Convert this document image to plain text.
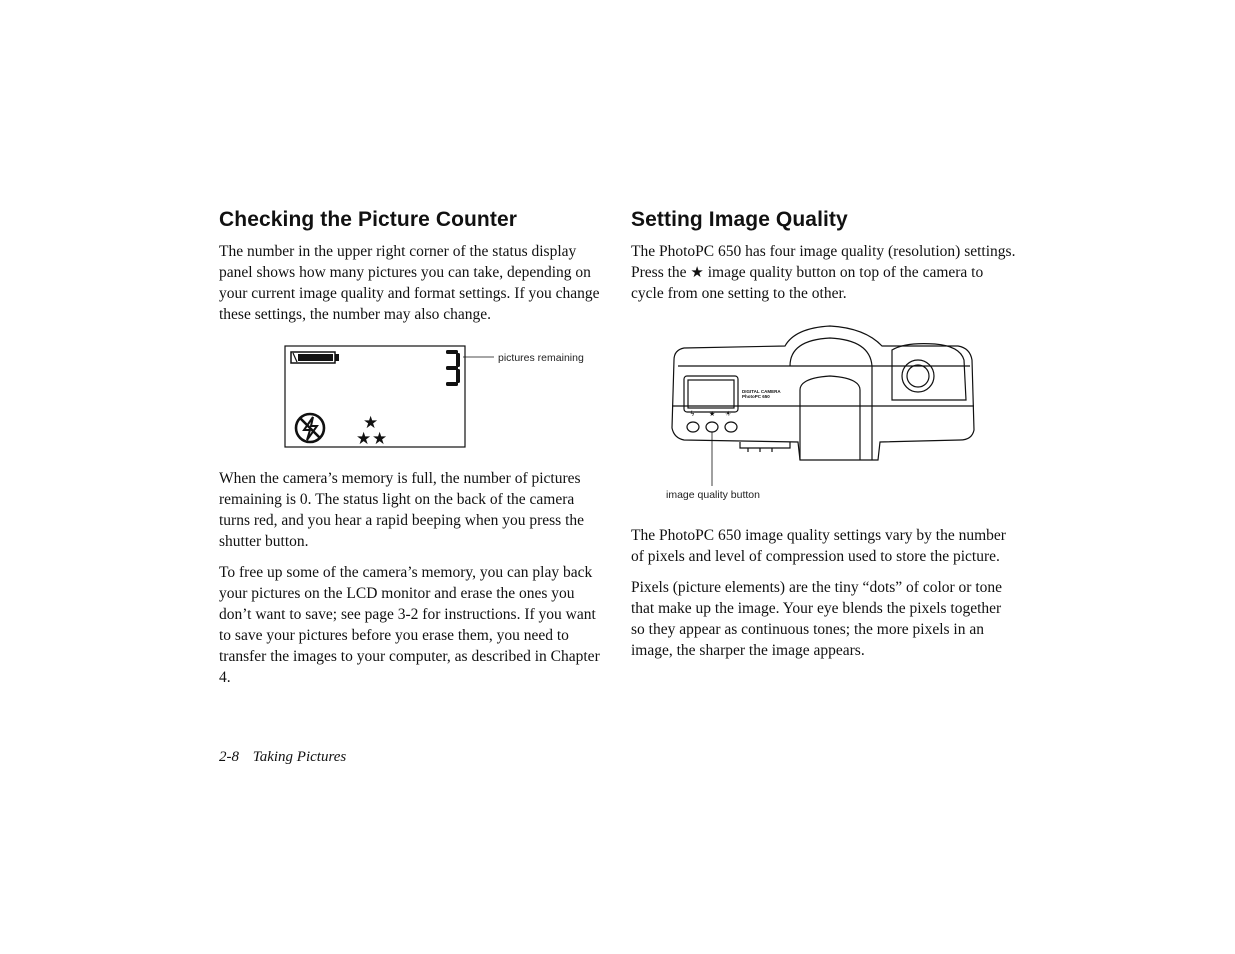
Checking the Picture Counter

The number in the upper right corner of the status display panel shows how many pictures you can take, depending on your current image quality and format settings. If you change these settings, the number may also change.

pictures remaining
★
★ ★

When the camera’s memory is full, the number of pictures remaining is 0. The status light on the back of the camera turns red, and you hear a rapid beeping when you press the shutter button.

To free up some of the camera’s memory, you can play back your pictures on the LCD monitor and erase the ones you don’t want to save; see page 3-2 for instructions. If you want to save your pictures before you erase them, you need to transfer the images to your computer, as described in Chapter 4.

Setting Image Quality

The PhotoPC 650 has four image quality (resolution) settings. Press the ★ image quality button on top of the camera to cycle from one setting to the other.

ϟ ★ ☀
DIGITAL CAMERA
PhotoPC 650
image quality button

The PhotoPC 650 image quality settings vary by the number of pixels and level of compression used to store the picture.

Pixels (picture elements) are the tiny “dots” of color or tone that make up the image. Your eye blends the pixels together so they appear as continuous tones; the more pixels in an image, the sharper the image appears.

2-8 Taking Pictures
